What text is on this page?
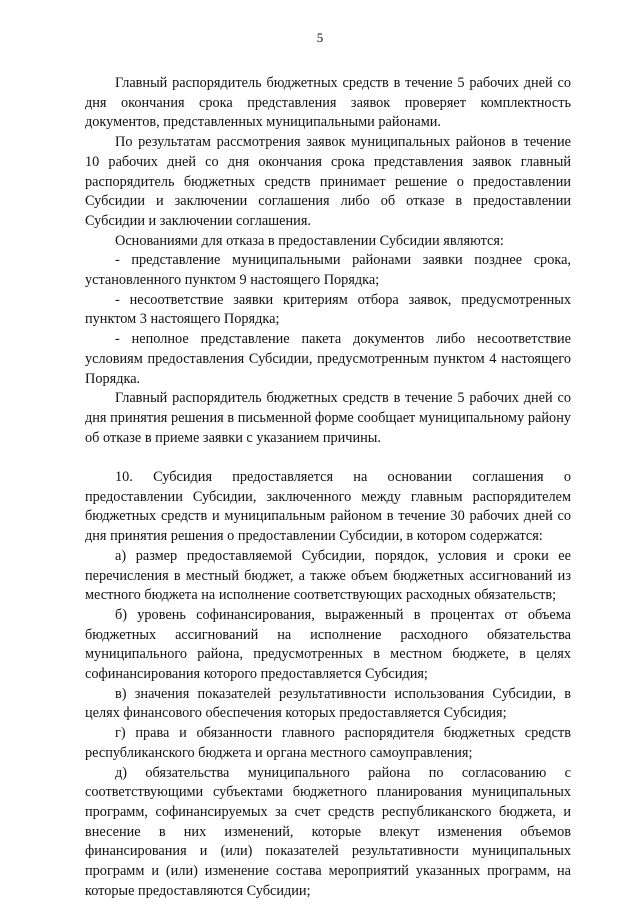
5

Главный распорядитель бюджетных средств в течение 5 рабочих дней со дня окончания срока представления заявок проверяет комплектность документов, представленных муниципальными районами.

По результатам рассмотрения заявок муниципальных районов в течение 10 рабочих дней со дня окончания срока представления заявок главный распорядитель бюджетных средств принимает решение о предоставлении Субсидии и заключении соглашения либо об отказе в предоставлении Субсидии и заключении соглашения.

Основаниями для отказа в предоставлении Субсидии являются:

- представление муниципальными районами заявки позднее срока, установленного пунктом 9 настоящего Порядка;

- несоответствие заявки критериям отбора заявок, предусмотренных пунктом 3 настоящего Порядка;

- неполное представление пакета документов либо несоответствие условиям предоставления Субсидии, предусмотренным пунктом 4 настоящего Порядка.

Главный распорядитель бюджетных средств в течение 5 рабочих дней со дня принятия решения в письменной форме сообщает муниципальному району об отказе в приеме заявки с указанием причины.

10. Субсидия предоставляется на основании соглашения о предоставлении Субсидии, заключенного между главным распорядителем бюджетных средств и муниципальным районом в течение 30 рабочих дней со дня принятия решения о предоставлении Субсидии, в котором содержатся:

а) размер предоставляемой Субсидии, порядок, условия и сроки ее перечисления в местный бюджет, а также объем бюджетных ассигнований из местного бюджета на исполнение соответствующих расходных обязательств;

б) уровень софинансирования, выраженный в процентах от объема бюджетных ассигнований на исполнение расходного обязательства муниципального района, предусмотренных в местном бюджете, в целях софинансирования которого предоставляется Субсидия;

в) значения показателей результативности использования Субсидии, в целях финансового обеспечения которых предоставляется Субсидия;

г) права и обязанности главного распорядителя бюджетных средств республиканского бюджета и органа местного самоуправления;

д) обязательства муниципального района по согласованию с соответствующими субъектами бюджетного планирования муниципальных программ, софинансируемых за счет средств республиканского бюджета, и внесение в них изменений, которые влекут изменения объемов финансирования и (или) показателей результативности муниципальных программ и (или) изменение состава мероприятий указанных программ, на которые предоставляются Субсидии;
